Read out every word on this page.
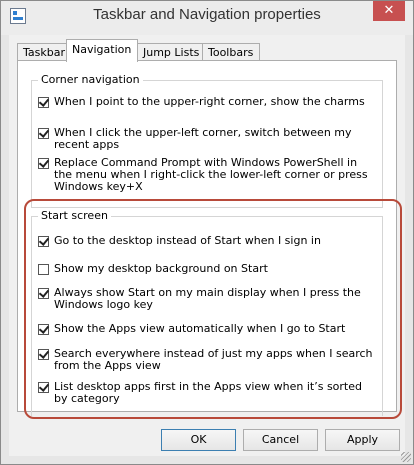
Taskbar and Navigation properties	✕
Taskbar Navigation	Jump Lists Toolbars
Corner navigation
When I point to the upper-right corner, show the charms
When I click the upper-left corner, switch between my recent apps
Replace Command Prompt with Windows PowerShell in the menu when I right-click the lower-left corner or press Windows key+X
Start screen
Go to the desktop instead of Start when I sign in
Show my desktop background on Start
Always show Start on my main display when I press the Windows logo key
Show the Apps view automatically when I go to Start
Search everywhere instead of just my apps when I search from the Apps view
List desktop apps first in the Apps view when it’s sorted by category
OK	Cancel	Apply
